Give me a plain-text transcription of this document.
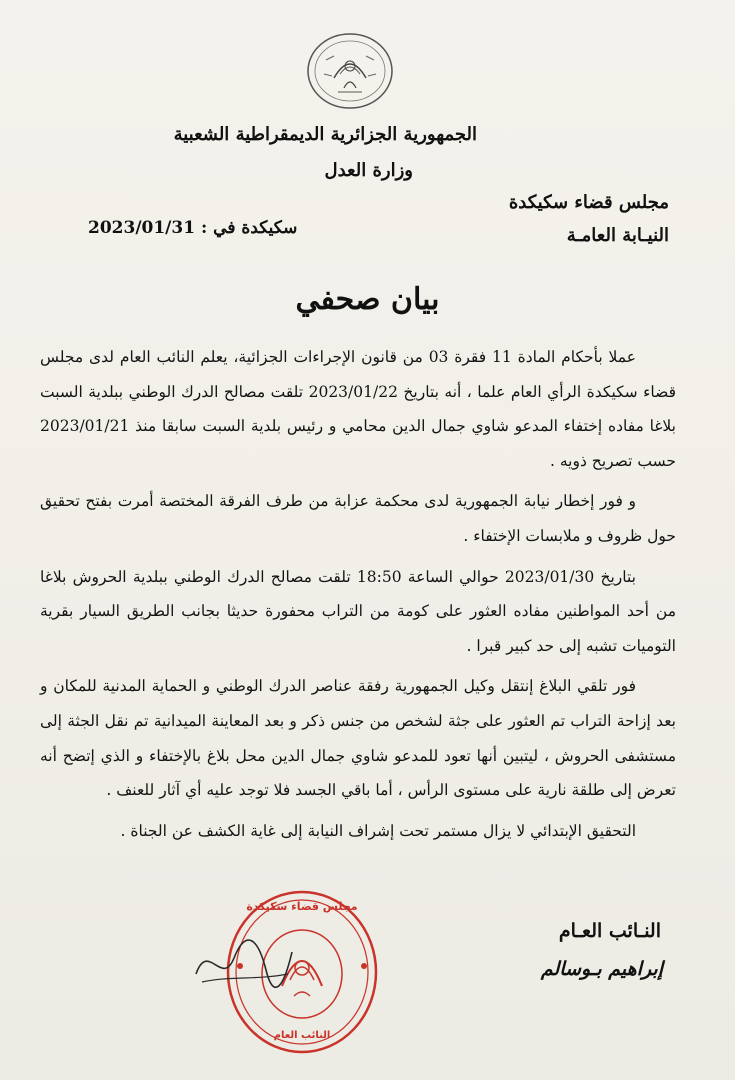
الجمهورية الجزائرية الديمقراطية الشعبية
وزارة العدل
مجلس قضاء سكيكدة
النيـابة العامـة
سكيكدة في : 2023/01/31
بيان صحفي

عملا بأحكام المادة 11 فقرة 03 من قانون الإجراءات الجزائية، يعلم النائب العام لدى مجلس قضاء سكيكدة الرأي العام علما ، أنه بتاريخ 2023/01/22 تلقت مصالح الدرك الوطني ببلدية السبت بلاغا مفاده إختفاء المدعو شاوي جمال الدين محامي و رئيس بلدية السبت سابقا منذ 2023/01/21 حسب تصريح ذويه .

و فور إخطار نيابة الجمهورية لدى محكمة عزابة من طرف الفرقة المختصة أمرت بفتح تحقيق حول ظروف و ملابسات الإختفاء .

بتاريخ 2023/01/30 حوالي الساعة 18:50 تلقت مصالح الدرك الوطني ببلدية الحروش بلاغا من أحد المواطنين مفاده العثور على كومة من التراب محفورة حديثا بجانب الطريق السيار بقرية التوميات تشبه إلى حد كبير قبرا .

فور تلقي البلاغ إنتقل وكيل الجمهورية رفقة عناصر الدرك الوطني و الحماية المدنية للمكان و بعد إزاحة التراب تم العثور على جثة لشخص من جنس ذكر و بعد المعاينة الميدانية تم نقل الجثة إلى مستشفى الحروش ، ليتبين أنها تعود للمدعو شاوي جمال الدين محل بلاغ بالإختفاء و الذي إتضح أنه تعرض إلى طلقة نارية على مستوى الرأس ، أما باقي الجسد فلا توجد عليه أي آثار للعنف .

التحقيق الإبتدائي لا يزال مستمر تحت إشراف النيابة إلى غاية الكشف عن الجناة .

النـائب العـام
إبراهيم بـوسالم
مجلس قضاء سكيكدة
النائب العام
